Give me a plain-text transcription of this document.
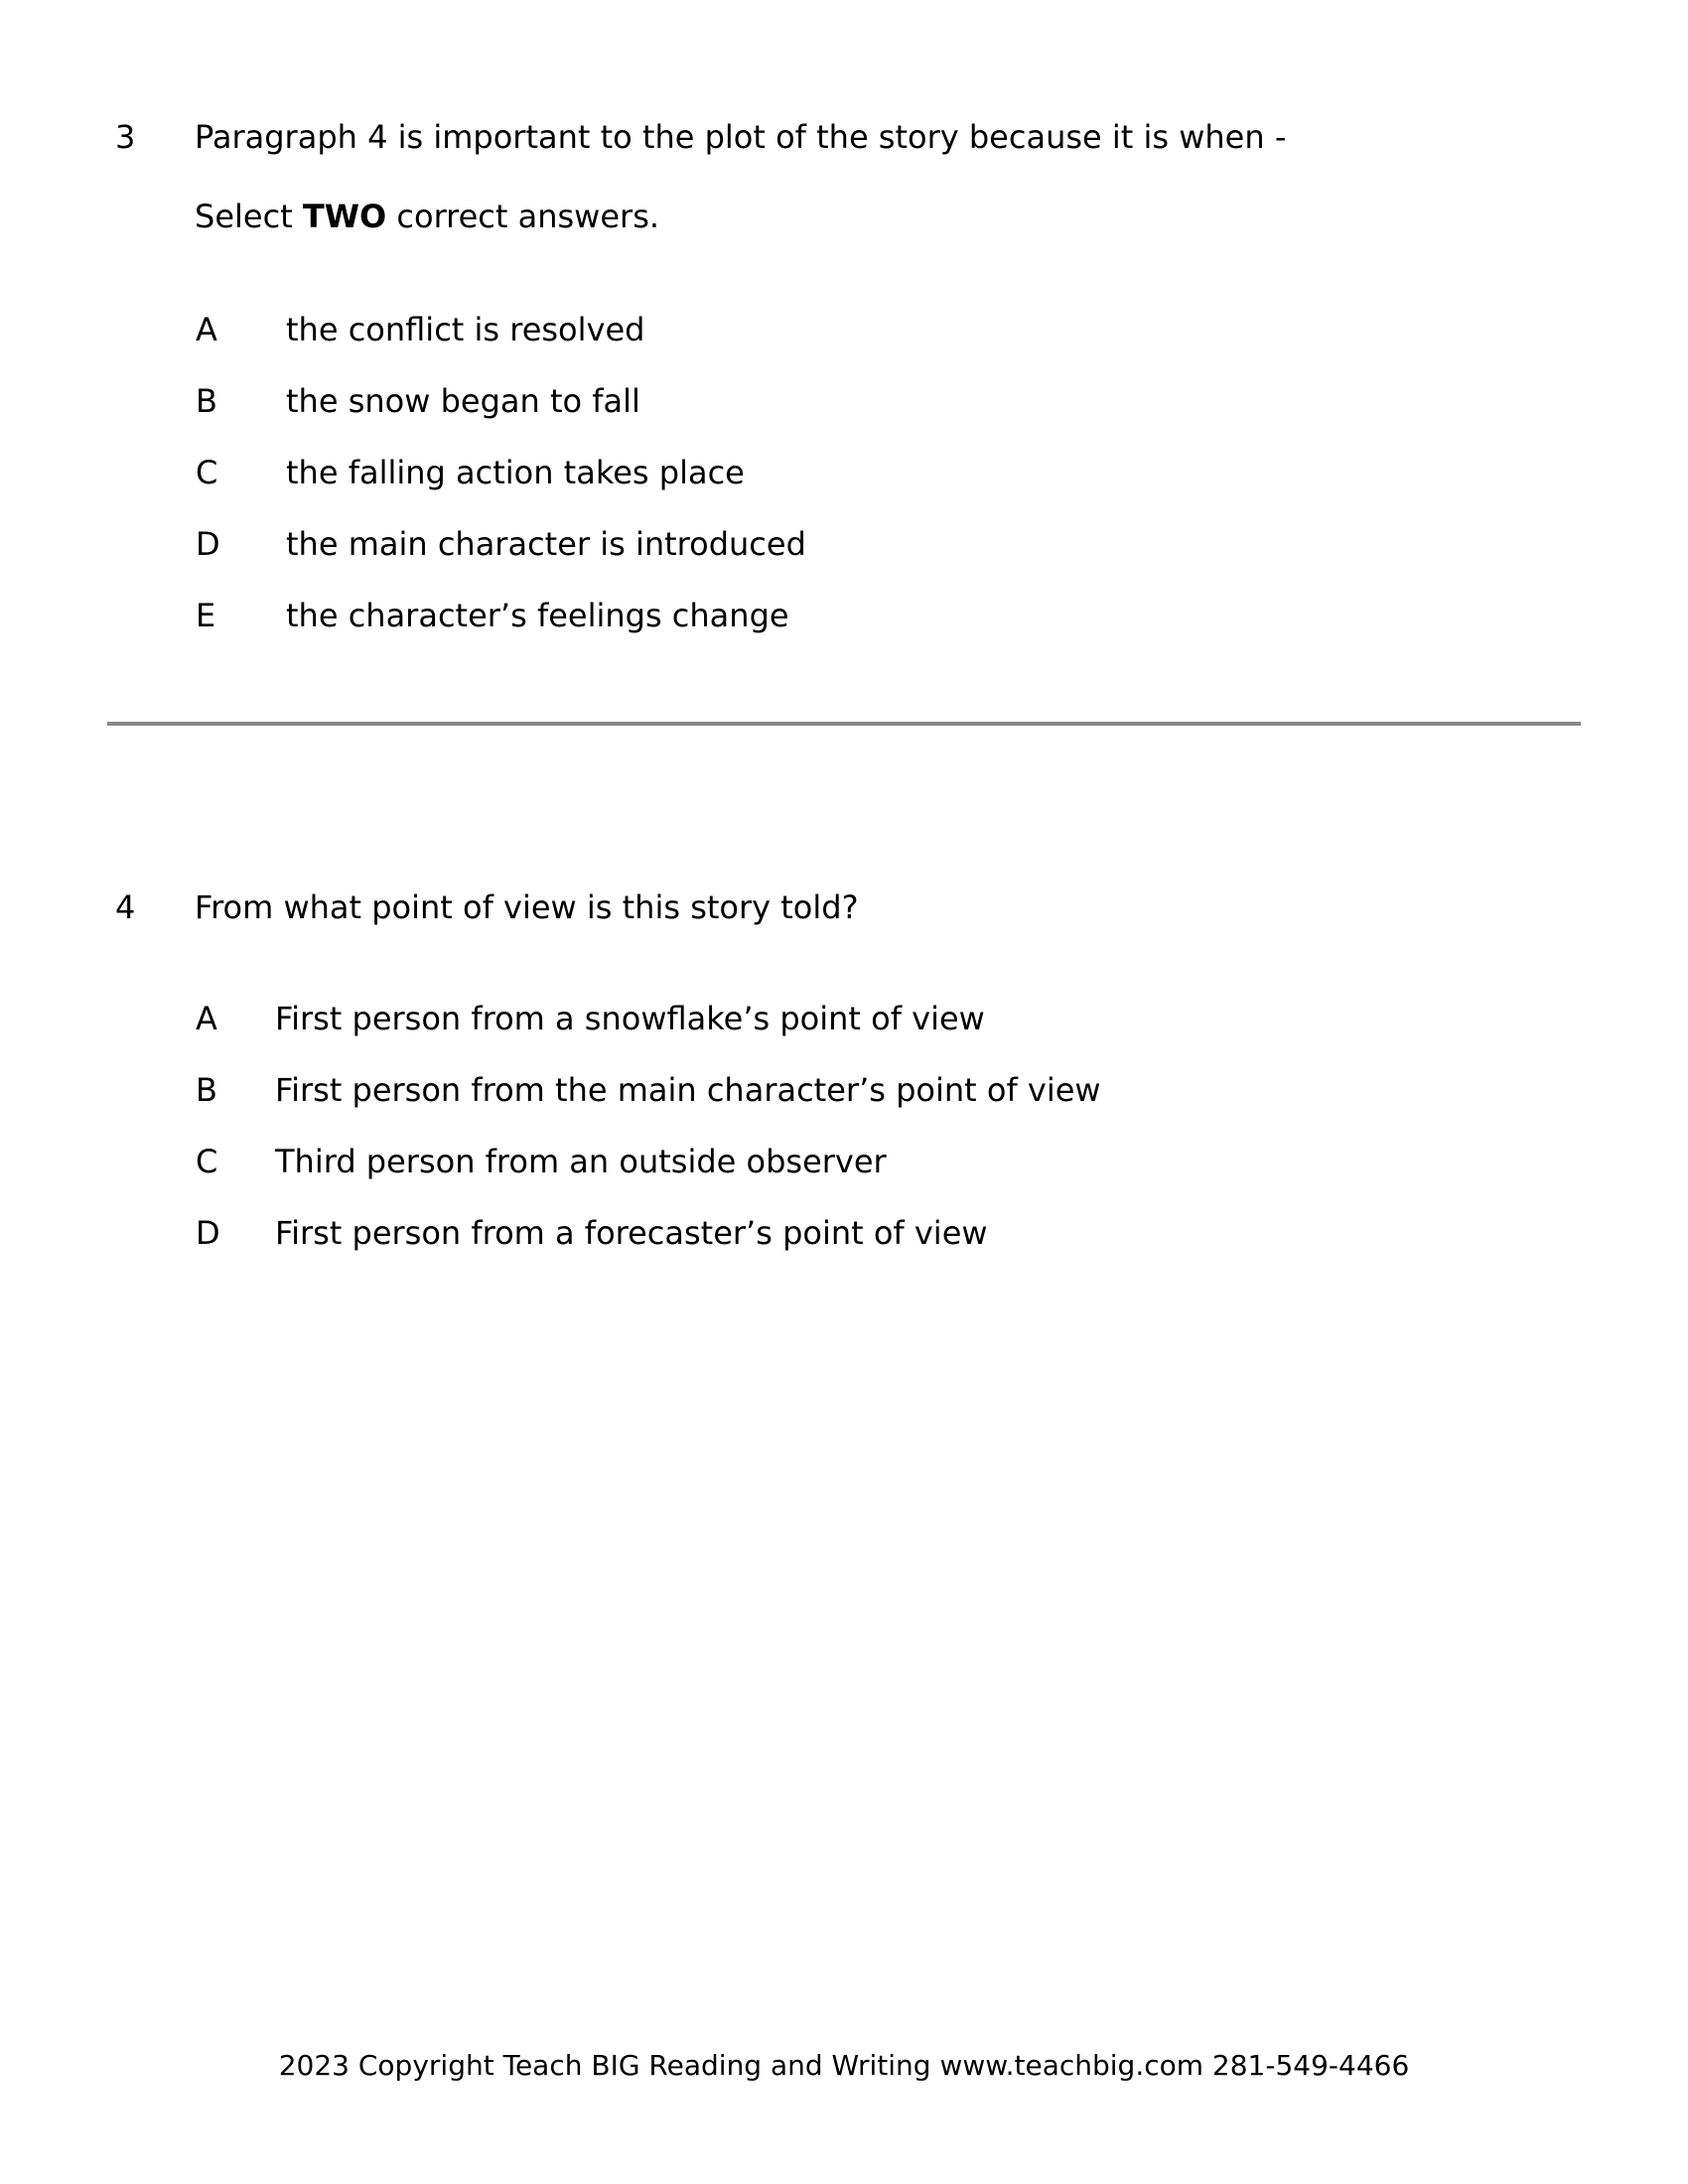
3 Paragraph 4 is important to the plot of the story because it is when -
Select TWO correct answers.
A the conflict is resolved
B the snow began to fall
C the falling action takes place
D the main character is introduced
E the character’s feelings change
4 From what point of view is this story told?
A First person from a snowflake’s point of view
B First person from the main character’s point of view
C Third person from an outside observer
D First person from a forecaster’s point of view
2023 Copyright Teach BIG Reading and Writing www.teachbig.com 281-549-4466
